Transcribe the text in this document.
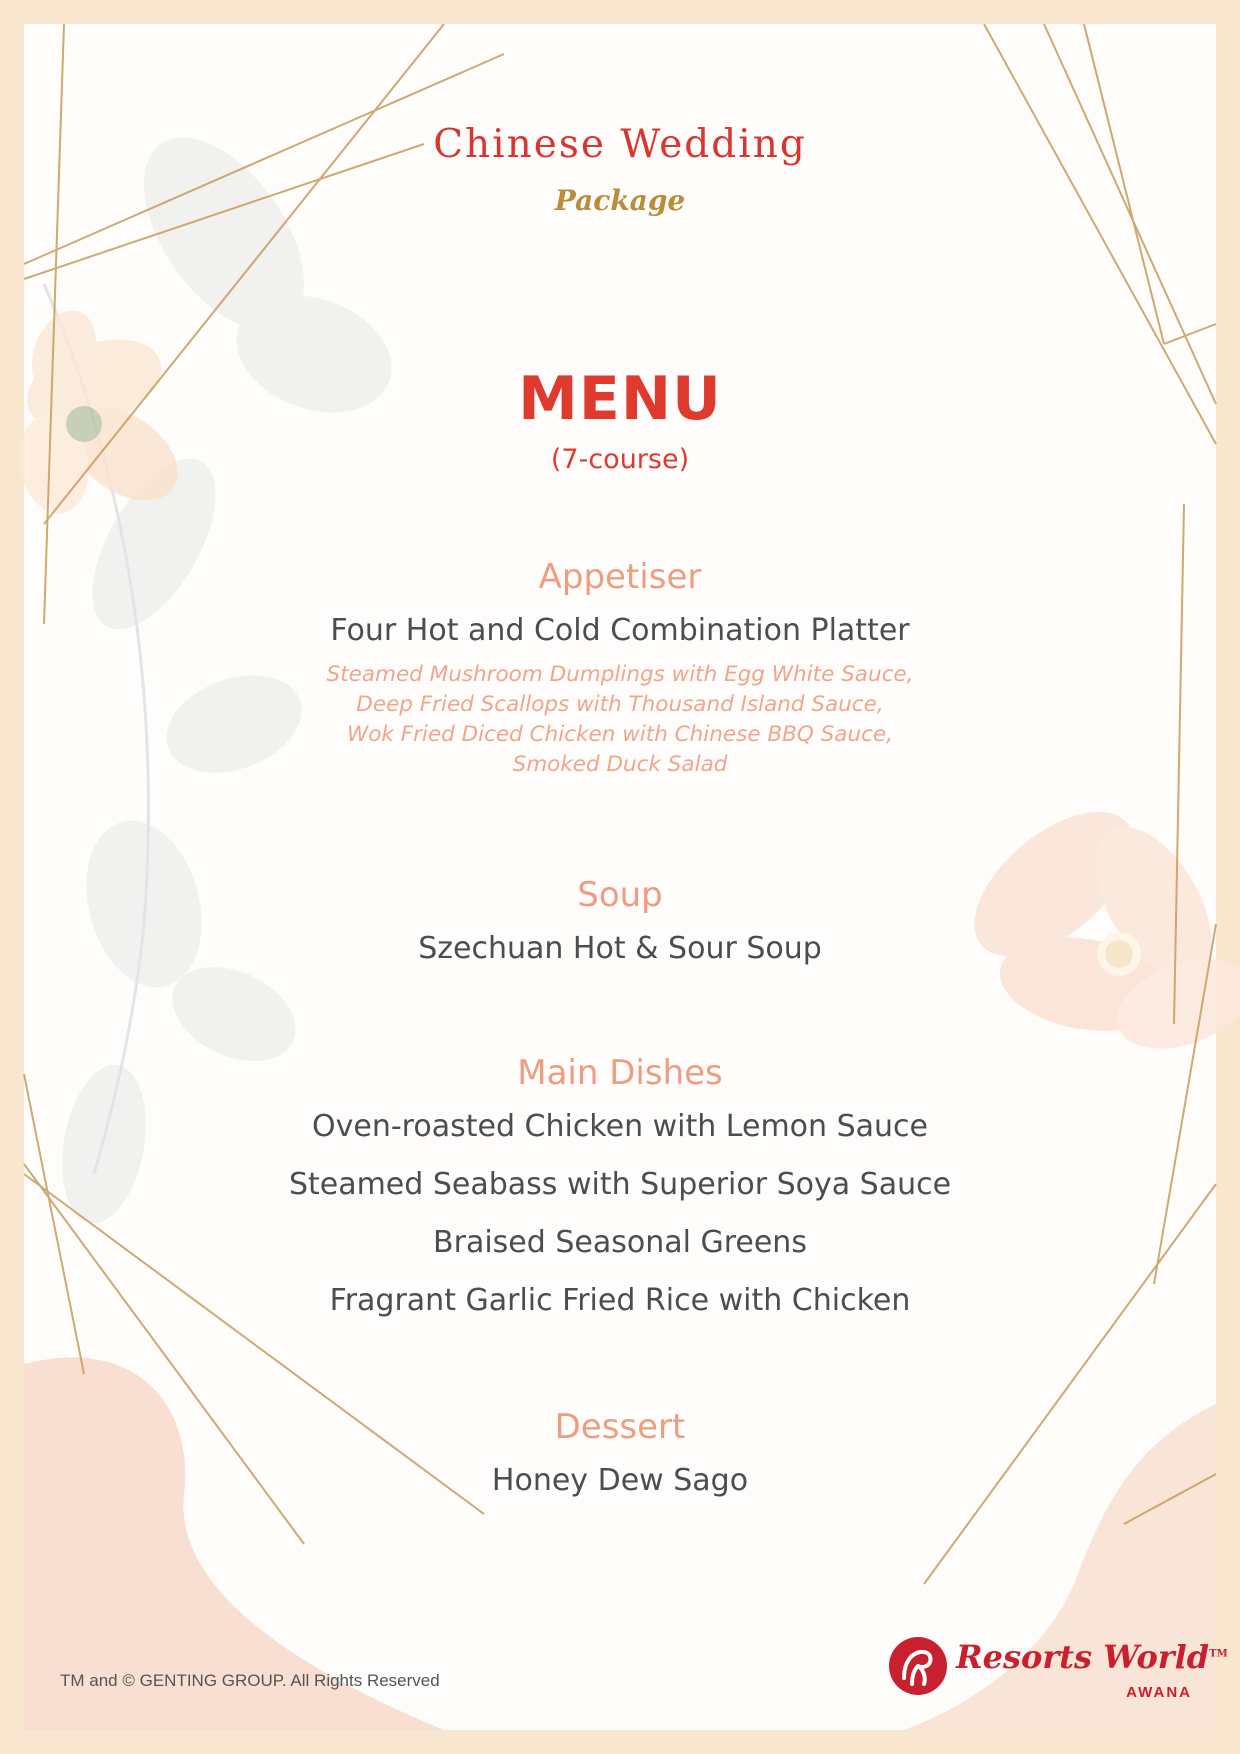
Chinese Wedding
Package
MENU
(7-course)
Appetiser
Four Hot and Cold Combination Platter
Steamed Mushroom Dumplings with Egg White Sauce,
Deep Fried Scallops with Thousand Island Sauce,
Wok Fried Diced Chicken with Chinese BBQ Sauce,
Smoked Duck Salad
Soup
Szechuan Hot & Sour Soup
Main Dishes
Oven-roasted Chicken with Lemon Sauce
Steamed Seabass with Superior Soya Sauce
Braised Seasonal Greens
Fragrant Garlic Fried Rice with Chicken
Dessert
Honey Dew Sago
TM and © GENTING GROUP. All Rights Reserved
Resorts World™
AWANA
